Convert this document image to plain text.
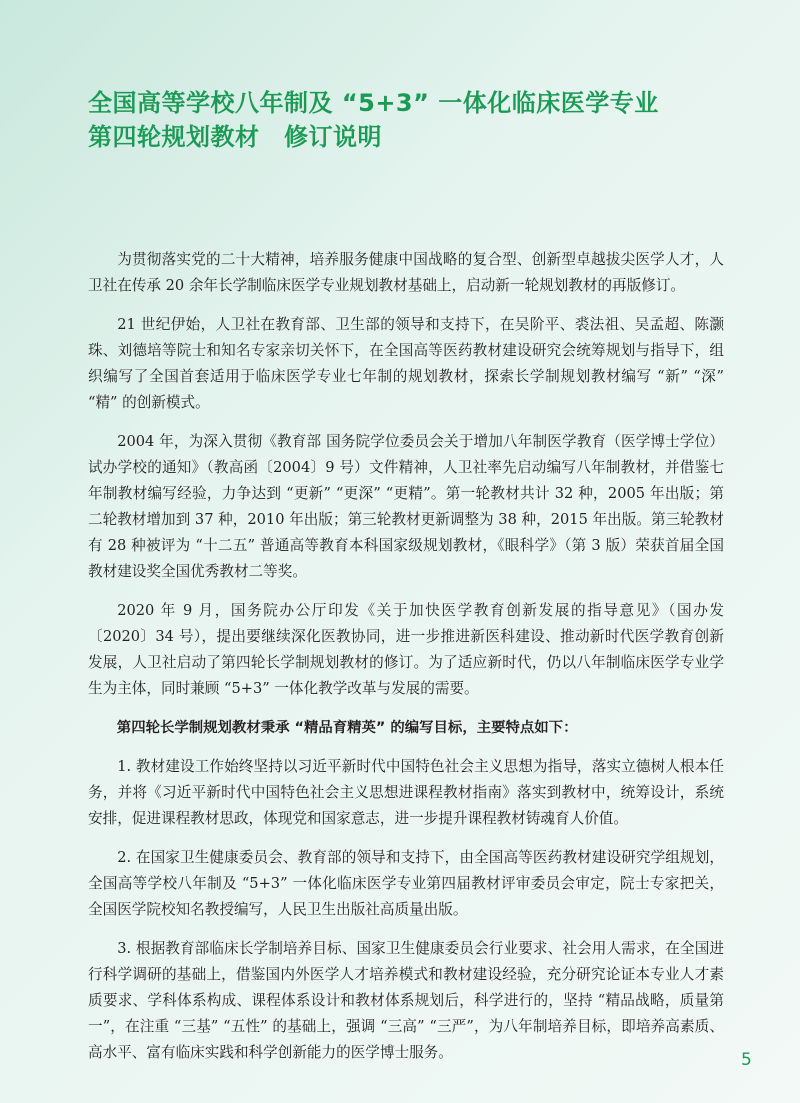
全国高等学校八年制及 “5+3” 一体化临床医学专业
第四轮规划教材　修订说明

为贯彻落实党的二十大精神，培养服务健康中国战略的复合型、创新型卓越拔尖医学人才，人卫社在传承 20 余年长学制临床医学专业规划教材基础上，启动新一轮规划教材的再版修订。

21 世纪伊始，人卫社在教育部、卫生部的领导和支持下，在吴阶平、裘法祖、吴孟超、陈灏珠、刘德培等院士和知名专家亲切关怀下，在全国高等医药教材建设研究会统筹规划与指导下，组织编写了全国首套适用于临床医学专业七年制的规划教材，探索长学制规划教材编写 “新” “深” “精” 的创新模式。

2004 年，为深入贯彻《教育部 国务院学位委员会关于增加八年制医学教育（医学博士学位）试办学校的通知》（教高函〔2004〕9 号）文件精神，人卫社率先启动编写八年制教材，并借鉴七年制教材编写经验，力争达到 “更新” “更深” “更精”。第一轮教材共计 32 种，2005 年出版；第二轮教材增加到 37 种，2010 年出版；第三轮教材更新调整为 38 种，2015 年出版。第三轮教材有 28 种被评为 “十二五” 普通高等教育本科国家级规划教材，《眼科学》（第 3 版）荣获首届全国教材建设奖全国优秀教材二等奖。

2020 年 9 月，国务院办公厅印发《关于加快医学教育创新发展的指导意见》（国办发〔2020〕34 号），提出要继续深化医教协同，进一步推进新医科建设、推动新时代医学教育创新发展，人卫社启动了第四轮长学制规划教材的修订。为了适应新时代，仍以八年制临床医学专业学生为主体，同时兼顾 “5+3” 一体化教学改革与发展的需要。

第四轮长学制规划教材秉承 “精品育精英” 的编写目标，主要特点如下：

1. 教材建设工作始终坚持以习近平新时代中国特色社会主义思想为指导，落实立德树人根本任务，并将《习近平新时代中国特色社会主义思想进课程教材指南》落实到教材中，统筹设计，系统安排，促进课程教材思政，体现党和国家意志，进一步提升课程教材铸魂育人价值。

2. 在国家卫生健康委员会、教育部的领导和支持下，由全国高等医药教材建设研究学组规划，全国高等学校八年制及 “5+3” 一体化临床医学专业第四届教材评审委员会审定，院士专家把关，全国医学院校知名教授编写，人民卫生出版社高质量出版。

3. 根据教育部临床长学制培养目标、国家卫生健康委员会行业要求、社会用人需求，在全国进行科学调研的基础上，借鉴国内外医学人才培养模式和教材建设经验，充分研究论证本专业人才素质要求、学科体系构成、课程体系设计和教材体系规划后，科学进行的，坚持 “精品战略，质量第一”，在注重 “三基” “五性” 的基础上，强调 “三高” “三严”，为八年制培养目标，即培养高素质、高水平、富有临床实践和科学创新能力的医学博士服务。	5
